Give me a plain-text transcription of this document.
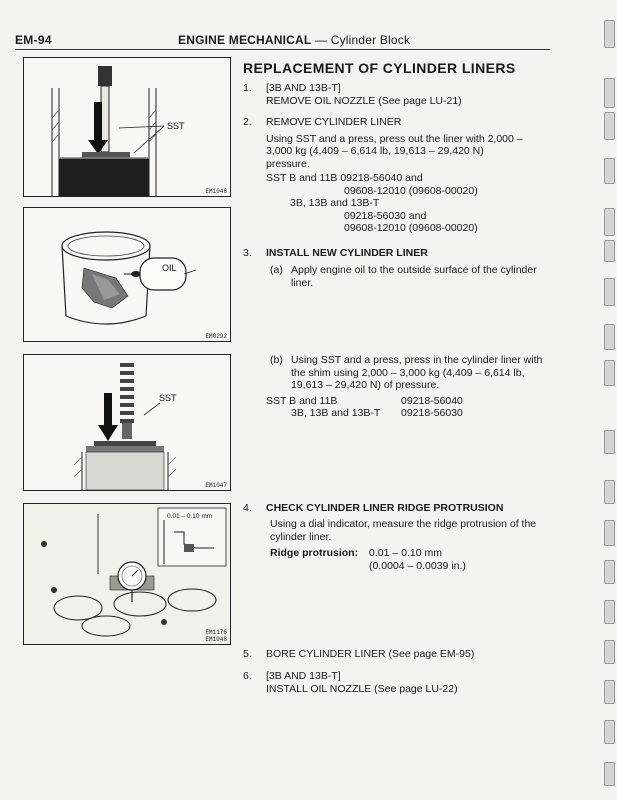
EM-94	ENGINE MECHANICAL — Cylinder Block
REPLACEMENT OF CYLINDER LINERS
1. [3B AND 13B-T]
REMOVE OIL NOZZLE (See page LU-21)
2. REMOVE CYLINDER LINER
Using SST and a press, press out the liner with 2,000 –
3,000 kg (4,409 – 6,614 lb, 19,613 – 29,420 N)
pressure.
SST B and 11B 09218-56040 and
09608-12010 (09608-00020)
3B, 13B and 13B-T
09218-56030 and
09608-12010 (09608-00020)
3. INSTALL NEW CYLINDER LINER
(a) Apply engine oil to the outside surface of the cylinder
liner.
(b) Using SST and a press, press in the cylinder liner with
the shim using 2,000 – 3,000 kg (4,409 – 6,614 lb,
19,613 – 29,420 N) of pressure.
SST B and 11B	09218-56040
3B, 13B and 13B-T 09218-56030
4. CHECK CYLINDER LINER RIDGE PROTRUSION
Using a dial indicator, measure the ridge protrusion of the
cylinder liner.
Ridge protrusion: 0.01 – 0.10 mm
(0.0004 – 0.0039 in.)
5. BORE CYLINDER LINER (See page EM-95)
6. [3B AND 13B-T]
INSTALL OIL NOZZLE (See page LU-22)
SST
EM1046
OIL
EM0292
SST
EM1047
0.01 – 0.10 mm
EM1176
EM1048
